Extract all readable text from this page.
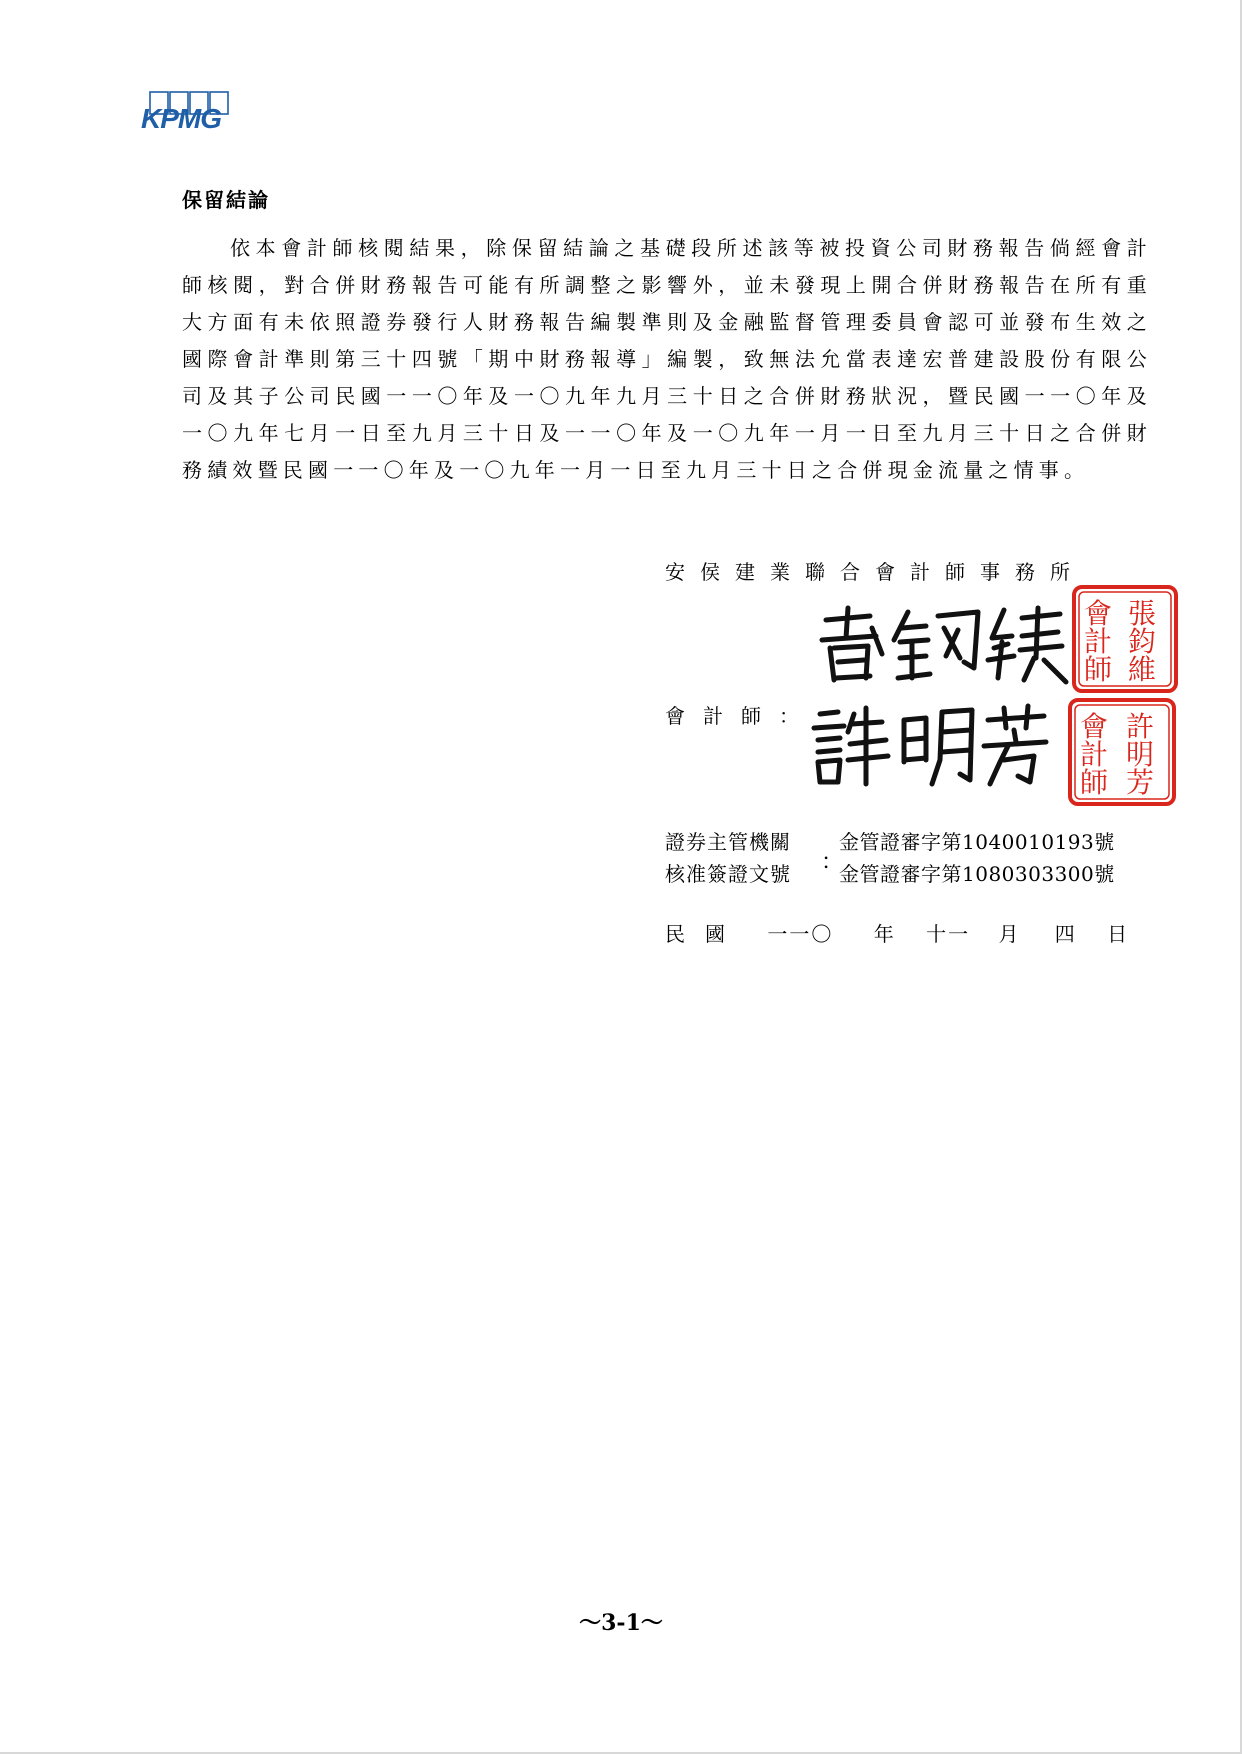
KPMG
保留結論

依本會計師核閱結果，除保留結論之基礎段所述該等被投資公司財務報告倘經會計師核閱，對合併財務報告可能有所調整之影響外，並未發現上開合併財務報告在所有重大方面有未依照證券發行人財務報告編製準則及金融監督管理委員會認可並發布生效之國際會計準則第三十四號「期中財務報導」編製，致無法允當表達宏普建設股份有限公司及其子公司民國一一〇年及一〇九年九月三十日之合併財務狀況，暨民國一一〇年及一〇九年七月一日至九月三十日及一一〇年及一〇九年一月一日至九月三十日之合併財務績效暨民國一一〇年及一〇九年一月一日至九月三十日之合併現金流量之情事。

安侯建業聯合會計師事務所
會計師：
會
計
師
張
鈞
維
會
計
師
許
明
芳
證券主管機關	金管證審字第1040010193號
核准簽證文號	金管證審字第1080303300號
：
民　國 一一〇 年 十一 月 四 日
～3-1～
